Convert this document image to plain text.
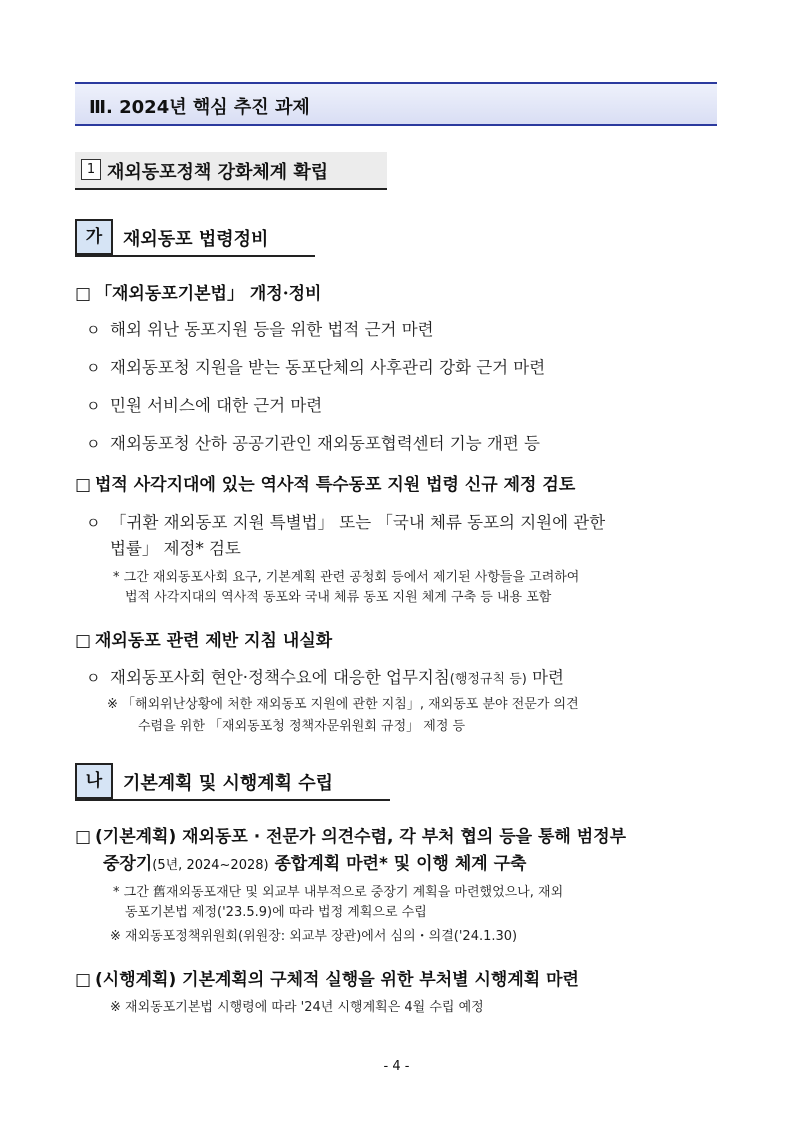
Ⅲ. 2024년 핵심 추진 과제
1 재외동포정책 강화체계 확립
가	재외동포 법령정비
□ 「재외동포기본법」 개정·정비
ㅇ 해외 위난 동포지원 등을 위한 법적 근거 마련
ㅇ 재외동포청 지원을 받는 동포단체의 사후관리 강화 근거 마련
ㅇ 민원 서비스에 대한 근거 마련
ㅇ 재외동포청 산하 공공기관인 재외동포협력센터 기능 개편 등
□ 법적 사각지대에 있는 역사적 특수동포 지원 법령 신규 제정 검토
ㅇ 「귀환 재외동포 지원 특별법」 또는 「국내 체류 동포의 지원에 관한
법률」 제정* 검토
* 그간 재외동포사회 요구, 기본계획 관련 공청회 등에서 제기된 사항들을 고려하여
법적 사각지대의 역사적 동포와 국내 체류 동포 지원 체계 구축 등 내용 포함
□ 재외동포 관련 제반 지침 내실화
ㅇ 재외동포사회 현안·정책수요에 대응한 업무지침(행정규칙 등) 마련
※ 「해외위난상황에 처한 재외동포 지원에 관한 지침」, 재외동포 분야 전문가 의견
수렴을 위한 「재외동포청 정책자문위원회 규정」 제정 등
나	기본계획 및 시행계획 수립
□ (기본계획) 재외동포 · 전문가 의견수렴, 각 부처 협의 등을 통해 범정부
중장기(5년, 2024~2028) 종합계획 마련* 및 이행 체계 구축
* 그간 舊재외동포재단 및 외교부 내부적으로 중장기 계획을 마련했었으나, 재외
동포기본법 제정('23.5.9)에 따라 법정 계획으로 수립
※ 재외동포정책위원회(위원장: 외교부 장관)에서 심의・의결('24.1.30)
□ (시행계획) 기본계획의 구체적 실행을 위한 부처별 시행계획 마련
※ 재외동포기본법 시행령에 따라 '24년 시행계획은 4월 수립 예정
- 4 -
